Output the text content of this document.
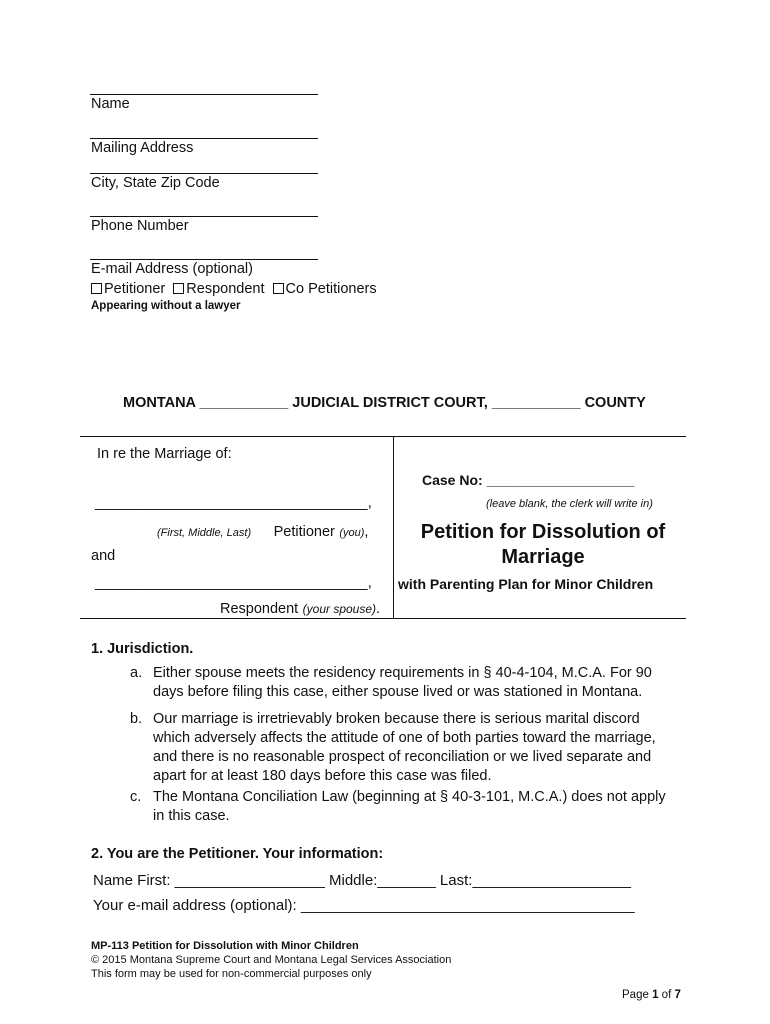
Name
Mailing Address
City, State Zip Code
Phone Number
E-mail Address (optional)
Petitioner Respondent Co Petitioners
Appearing without a lawyer
MONTANA ___________ JUDICIAL DISTRICT COURT, ___________ COUNTY
In re the Marriage of:
_________________________________,
(First, Middle, Last) Petitioner (you),
and
_________________________________,
Respondent (your spouse).
Case No: ___________________
(leave blank, the clerk will write in)
Petition for Dissolution of
Marriage
with Parenting Plan for Minor Children
1. Jurisdiction.
a. Either spouse meets the residency requirements in § 40-4-104, M.C.A. For 90 days before filing this case, either spouse lived or was stationed in Montana.
b. Our marriage is irretrievably broken because there is serious marital discord which adversely affects the attitude of one of both parties toward the marriage, and there is no reasonable prospect of reconciliation or we lived separate and apart for at least 180 days before this case was filed.
c. The Montana Conciliation Law (beginning at § 40-3-101, M.C.A.) does not apply in this case.
2. You are the Petitioner. Your information:
Name First: __________________ Middle:_______ Last:___________________
Your e-mail address (optional): ________________________________________
MP-113 Petition for Dissolution with Minor Children
© 2015 Montana Supreme Court and Montana Legal Services Association
This form may be used for non-commercial purposes only
Page 1 of 7
